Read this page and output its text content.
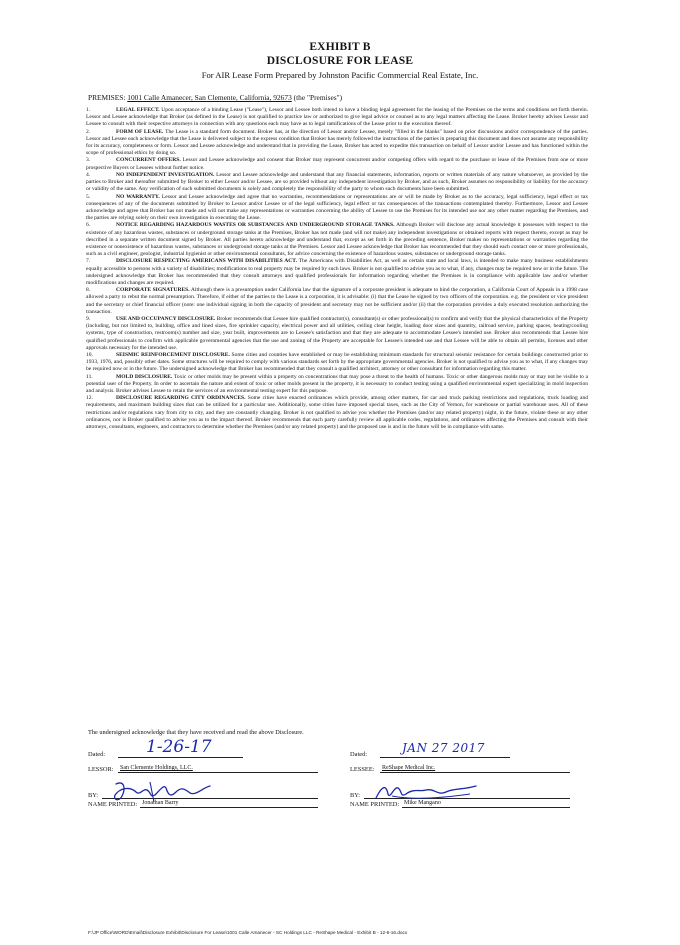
EXHIBIT B
DISCLOSURE FOR LEASE
For AIR Lease Form Prepared by Johnston Pacific Commercial Real Estate, Inc.
PREMISES: 1001 Calle Amanecer, San Clemente, California, 92673 (the "Premises")

1.	LEGAL EFFECT. Upon acceptance of a binding Lease ("Lease"), Lessor and Lessee both intend to have a binding legal agreement for the leasing of the Premises on the terms and conditions set forth therein. Lessor and Lessee acknowledge that Broker (as defined in the Lease) is not qualified to practice law or authorized to give legal advice or counsel as to any legal matters affecting the Lease. Broker hereby advises Lessor and Lessee to consult with their respective attorneys in connection with any questions each may have as to legal ramifications of the Lease prior to the execution thereof.

2.	FORM OF LEASE. The Lease is a standard form document. Broker has, at the direction of Lessor and/or Lessee, merely "filled in the blanks" based on prior discussions and/or correspondence of the parties. Lessor and Lessee each acknowledge that the Lease is delivered subject to the express condition that Broker has merely followed the instructions of the parties in preparing this document and does not assume any responsibility for its accuracy, completeness or form. Lessor and Lessee acknowledge and understand that in providing the Lease, Broker has acted to expedite this transaction on behalf of Lessor and/or Lessee and has functioned within the scope of professional ethics by doing so.

3.	CONCURRENT OFFERS. Lessor and Lessee acknowledge and consent that Broker may represent concurrent and/or competing offers with regard to the purchase or lease of the Premises from one or more prospective Buyers or Lessees without further notice.

4.	NO INDEPENDENT INVESTIGATION. Lessor and Lessee acknowledge and understand that any financial statements, information, reports or written materials of any nature whatsoever, as provided by the parties to Broker and thereafter submitted by Broker to either Lessor and/or Lessee, are so provided without any independent investigation by Broker, and as such, Broker assumes no responsibility or liability for the accuracy or validity of the same. Any verification of such submitted documents is solely and completely the responsibility of the party to whom such documents have been submitted.

5.	NO WARRANTY. Lessor and Lessee acknowledge and agree that no warranties, recommendations or representations are or will be made by Broker as to the accuracy, legal sufficiency, legal effect or tax consequences of any of the documents submitted by Broker to Lessor and/or Lessee or of the legal sufficiency, legal effect or tax consequences of the transactions contemplated thereby. Furthermore, Lessor and Lessee acknowledge and agree that Broker has not made and will not make any representations or warranties concerning the ability of Lessee to use the Premises for its intended use nor any other matter regarding the Premises, and the parties are relying solely on their own investigation in executing the Lease.

6.	NOTICE REGARDING HAZARDOUS WASTES OR SUBSTANCES AND UNDERGROUND STORAGE TANKS. Although Broker will disclose any actual knowledge it possesses with respect to the existence of any hazardous wastes, substances or underground storage tanks at the Premises, Broker has not made (and will not make) any independent investigations or obtained reports with respect thereto, except as may be described in a separate written document signed by Broker. All parties hereto acknowledge and understand that, except as set forth in the preceding sentence, Broker makes no representations or warranties regarding the existence or nonexistence of hazardous wastes, substances or underground storage tanks at the Premises. Lessor and Lessee acknowledge that Broker has recommended that they should each contact one or more professionals, such as a civil engineer, geologist, industrial hygienist or other environmental consultants, for advice concerning the existence of hazardous wastes, substances or underground storage tanks.

7.	DISCLOSURE RESPECTING AMERICANS WITH DISABILITIES ACT. The Americans with Disabilities Act, as well as certain state and local laws, is intended to make many business establishments equally accessible to persons with a variety of disabilities; modifications to real property may be required by such laws. Broker is not qualified to advise you as to what, if any, changes may be required now or in the future. The undersigned acknowledge that Broker has recommended that they consult attorneys and qualified professionals for information regarding whether the Premises is in compliance with applicable law and/or whether modifications and changes are required.

8.	CORPORATE SIGNATURES. Although there is a presumption under California law that the signature of a corporate president is adequate to bind the corporation, a California Court of Appeals in a 1998 case allowed a party to rebut the normal presumption. Therefore, if either of the parties to the Lease is a corporation, it is advisable: (i) that the Lease be signed by two officers of the corporation. e.g. the president or vice president and the secretary or chief financial officer (note: one individual signing in both the capacity of president and secretary may not be sufficient and/or (ii) that the corporation provides a duly executed resolution authorizing the transaction.

9.	USE AND OCCUPANCY DISCLOSURE. Broker recommends that Lessee hire qualified contractor(s), consultant(s) or other professional(s) to confirm and verify that the physical characteristics of the Property (including, but not limited to, building, office and lined sizes, fire sprinkler capacity, electrical power and all utilities, ceiling clear height, loading door sizes and quantity, railroad service, parking spaces, heating/cooling systems, type of construction, restroom(s) number and size, year built, improvements are to Lessee's satisfaction and that they are adequate to accommodate Lessee's intended use. Broker also recommends that Lessee hire qualified professionals to confirm with applicable governmental agencies that the use and zoning of the Property are acceptable for Lessee's intended use and that Lessee will be able to obtain all permits, licenses and other approvals necessary for the intended use.

10.	SEISMIC REINFORCEMENT DISCLOSURE. Some cities and counties have established or may be establishing minimum standards for structural seismic resistance for certain buildings constructed prior to 1933, 1976, and, possibly other dates. Some structures will be required to comply with various standards set forth by the appropriate governmental agencies. Broker is not qualified to advise you as to what, if any changes may be required now or in the future. The undersigned acknowledge that Broker has recommended that they consult a qualified architect, attorney or other consultant for information regarding this matter.

11.	MOLD DISCLOSURE. Toxic or other molds may be present within a property on concentrations that may pose a threat to the health of humans. Toxic or other dangerous molds may or may not be visible to a potential user of the Property. In order to ascertain the nature and extent of toxic or other molds present in the property, it is necessary to conduct testing using a qualified environmental expert specializing in mold inspection and analysis. Broker advises Lessee to retain the services of an environmental testing expert for this purpose.

12.	DISCLOSURE REGARDING CITY ORDINANCES. Some cities have enacted ordinances which provide, among other matters, for car and truck parking restrictions and regulations, truck loading and requirements, and maximum building sizes that can be utilized for a particular use. Additionally, some cities have imposed special taxes, such as the City of Vernon, for warehouse or partial warehouse uses. All of these restrictions and/or regulations vary from city to city, and they are constantly changing. Broker is not qualified to advise you whether the Premises (and/or any related property) night, in the future, violate these or any other ordinances, nor is Broker qualified to advise you as to the impact thereof. Broker recommends that each party carefully review all applicable codes, regulations, and ordinances affecting the Premises and consult with their attorneys, consultants, engineers, and contractors to determine whether the Premises (and/or any related property) and the proposed use is and in the future will be in compliance with same.

The undersigned acknowledge that they have received and read the above Disclosure.
Dated: 1-26-17
LESSOR: San Clemente Holdings, LLC.
BY:
NAME PRINTED: Jonathan Barry
Dated:	JAN 27 2017
LESSEE: ReShape Medical Inc.
BY:
NAME PRINTED: Mike Mangano
F:\JP Office\WORD\Email\Disclosure Exhibit\Disclosure For Lease\1001 Calle Amanecer - SC Holdings LLC - ReShape Medical - Exhibit B - 12-5-16.docx
